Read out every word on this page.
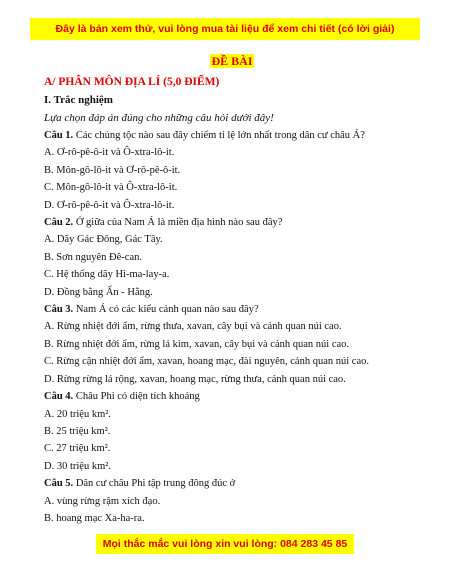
Đây là bản xem thử, vui lòng mua tài liệu để xem chi tiết (có lời giải)

ĐỀ BÀI

A/ PHÂN MÔN ĐỊA LÍ (5,0 ĐIỂM)

I. Trắc nghiệm

Lựa chọn đáp án đúng cho những câu hỏi dưới đây!

Câu 1. Các chủng tộc nào sau đây chiếm tỉ lệ lớn nhất trong dân cư châu Á?

A. Ơ-rô-pê-ô-it và Ô-xtra-lô-it.

B. Môn-gô-lô-it và Ơ-rô-pê-ô-it.

C. Môn-gô-lô-it và Ô-xtra-lô-it.

D. Ơ-rô-pê-ô-it và Ô-xtra-lô-it.

Câu 2. Ở giữa của Nam Á là miền địa hình nào sau đây?

A. Dãy Gác Đông, Gác Tây.

B. Sơn nguyên Đê-can.

C. Hệ thống dãy Hi-ma-lay-a.

D. Đồng bằng Ấn - Hằng.

Câu 3. Nam Á có các kiểu cảnh quan nào sau đây?

A. Rừng nhiệt đới ẩm, rừng thưa, xavan, cây bụi và cảnh quan núi cao.

B. Rừng nhiệt đới ẩm, rừng lá kim, xavan, cây bụi và cảnh quan núi cao.

C. Rừng cận nhiệt đới ẩm, xavan, hoang mạc, đài nguyên, cảnh quan núi cao.

D. Rừng rừng lá rộng, xavan, hoang mạc, rừng thưa, cảnh quan núi cao.

Câu 4. Châu Phi có diện tích khoảng

A. 20 triệu km².

B. 25 triệu km².

C. 27 triệu km².

D. 30 triệu km².

Câu 5. Dân cư châu Phi tập trung đông đúc ở

A. vùng rừng rậm xích đạo.

B. hoang mạc Xa-ha-ra.

Mọi thắc mắc vui lòng xin vui lòng: 084 283 45 85
